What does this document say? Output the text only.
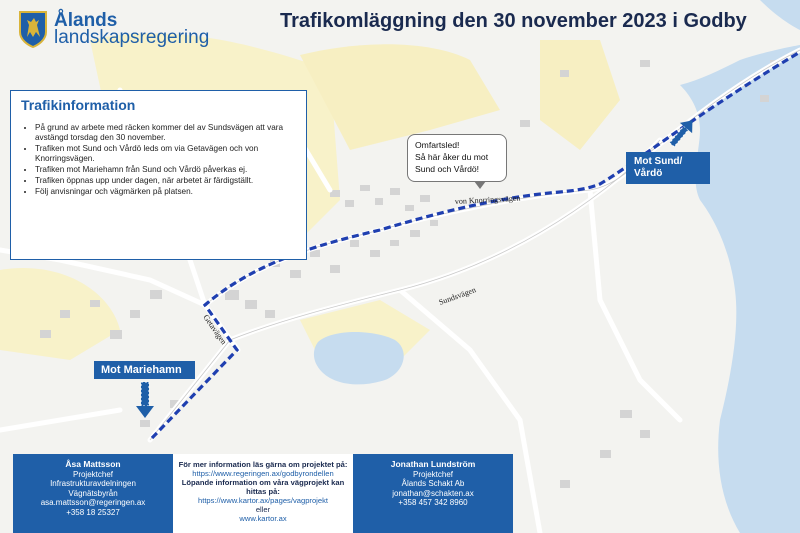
von Knorringsvägen
Sundsvägen
Getavägen
Ålands
landskapsregering
Trafikomläggning den 30 november 2023 i Godby
Trafikinformation
• På grund av arbete med räcken kommer del av Sundsvägen att vara avstängd torsdag den 30 november.
• Trafiken mot Sund och Vårdö leds om via Getavägen och von Knorringsvägen.
• Trafiken mot Mariehamn från Sund och Vårdö påverkas ej.
• Trafiken öppnas upp under dagen, när arbetet är färdigställt.
• Följ anvisningar och vägmärken på platsen.
Omfartsled!
Så här åker du mot
Sund och Vårdö!
Mot Sund/
Vårdö
Mot Mariehamn
Åsa Mattsson
Projektchef
Infrastrukturavdelningen
Vägnätsbyrån
asa.mattsson@regeringen.ax
+358 18 25327
För mer information läs gärna om projektet på:
https://www.regeringen.ax/godbyrondellen
Löpande information om våra vägprojekt kan
hittas på:
https://www.kartor.ax/pages/vagprojekt
eller
www.kartor.ax
Jonathan Lundström
Projektchef
Ålands Schakt Ab
jonathan@schakten.ax
+358 457 342 8960
